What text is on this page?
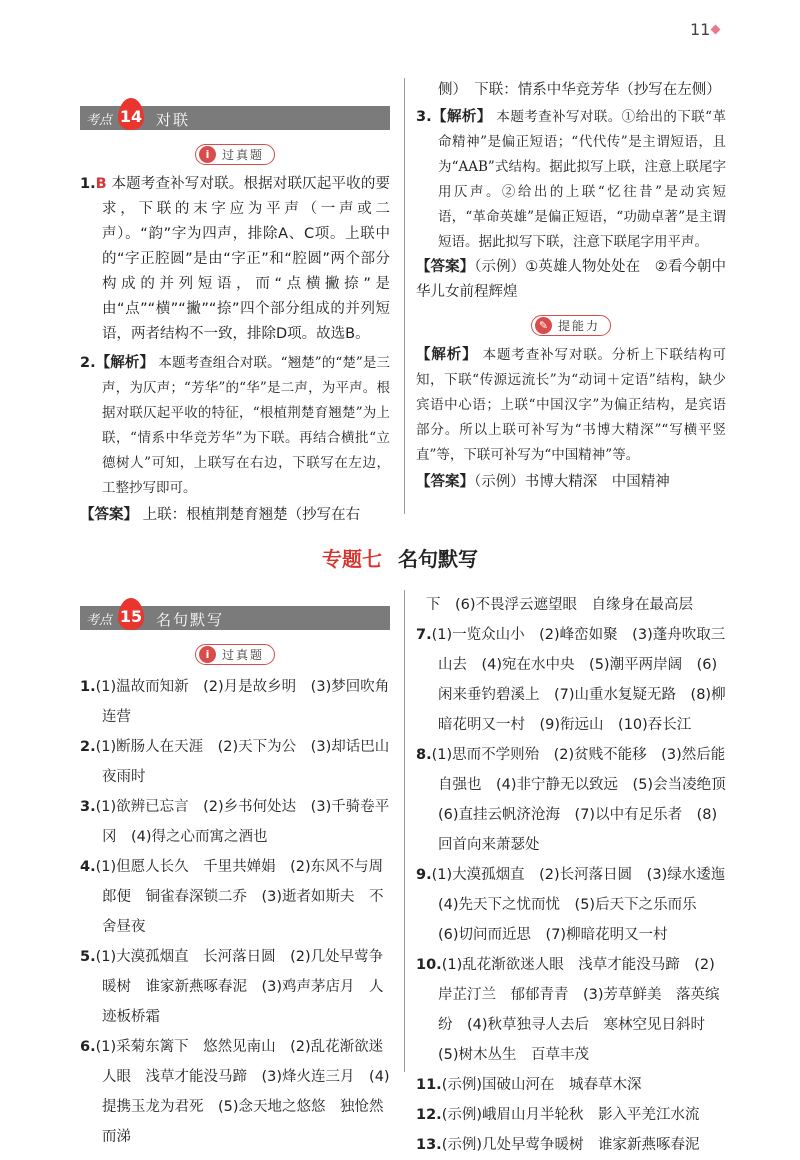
11
考点 14 对联
i	过真题

1.B 本题考查补写对联。根据对联仄起平收的要求，下联的末字应为平声（一声或二声）。“韵”字为四声，排除A、C项。上联中的“字正腔圆”是由“字正”和“腔圆”两个部分构成的并列短语，而“点横撇捺”是由“点”“横”“撇”“捺”四个部分组成的并列短语，两者结构不一致，排除D项。故选B。

2.【解析】 本题考查组合对联。“翘楚”的“楚”是三声，为仄声；“芳华”的“华”是二声，为平声。根据对联仄起平收的特征，“根植荆楚育翘楚”为上联，“情系中华竞芳华”为下联。再结合横批“立德树人”可知，上联写在右边，下联写在左边，工整抄写即可。

【答案】 上联：根植荆楚育翘楚（抄写在右

侧）　下联：情系中华竞芳华（抄写在左侧）

3.【解析】 本题考查补写对联。①给出的下联“革命精神”是偏正短语；“代代传”是主谓短语，且为“AAB”式结构。据此拟写上联，注意上联尾字用仄声。②给出的上联“忆往昔”是动宾短语，“革命英雄”是偏正短语，“功勋卓著”是主谓短语。据此拟写下联，注意下联尾字用平声。

【答案】（示例）①英雄人物处处在　②看今朝中华儿女前程辉煌

✎ 提能力

【解析】 本题考查补写对联。分析上下联结构可知，下联“传源远流长”为“动词＋定语”结构，缺少宾语中心语；上联“中国汉字”为偏正结构，是宾语部分。所以上联可补写为“书博大精深”“写横平竖直”等，下联可补写为“中国精神”等。

【答案】（示例）书博大精深　中国精神

专题七 名句默写
考点 15 名句默写
i	过真题

1.(1)温故而知新　(2)月是故乡明　(3)梦回吹角连营

2.(1)断肠人在天涯　(2)天下为公　(3)却话巴山夜雨时

3.(1)欲辨已忘言　(2)乡书何处达　(3)千骑卷平冈　(4)得之心而寓之酒也

4.(1)但愿人长久　千里共婵娟　(2)东风不与周郎便　铜雀春深锁二乔　(3)逝者如斯夫　不舍昼夜

5.(1)大漠孤烟直　长河落日圆　(2)几处早莺争暖树　谁家新燕啄春泥　(3)鸡声茅店月　人迹板桥霜

6.(1)采菊东篱下　悠然见南山　(2)乱花渐欲迷人眼　浅草才能没马蹄　(3)烽火连三月　(4)提携玉龙为君死　(5)念天地之悠悠　独怆然而涕

下　(6)不畏浮云遮望眼　自缘身在最高层

7.(1)一览众山小　(2)峰峦如聚　(3)蓬舟吹取三山去　(4)宛在水中央　(5)潮平两岸阔　(6)闲来垂钓碧溪上　(7)山重水复疑无路　(8)柳暗花明又一村　(9)衔远山　(10)吞长江

8.(1)思而不学则殆　(2)贫贱不能移　(3)然后能自强也　(4)非宁静无以致远　(5)会当凌绝顶　(6)直挂云帆济沧海　(7)以中有足乐者　(8)回首向来萧瑟处

9.(1)大漠孤烟直　(2)长河落日圆　(3)绿水逶迤　(4)先天下之忧而忧　(5)后天下之乐而乐　(6)切问而近思　(7)柳暗花明又一村

10.(1)乱花渐欲迷人眼　浅草才能没马蹄　(2)岸芷汀兰　郁郁青青　(3)芳草鲜美　落英缤纷　(4)秋草独寻人去后　寒林空见日斜时　(5)树木丛生　百草丰茂

11.(示例)国破山河在　城春草木深

12.(示例)峨眉山月半轮秋　影入平羌江水流

13.(示例)几处早莺争暖树　谁家新燕啄春泥
